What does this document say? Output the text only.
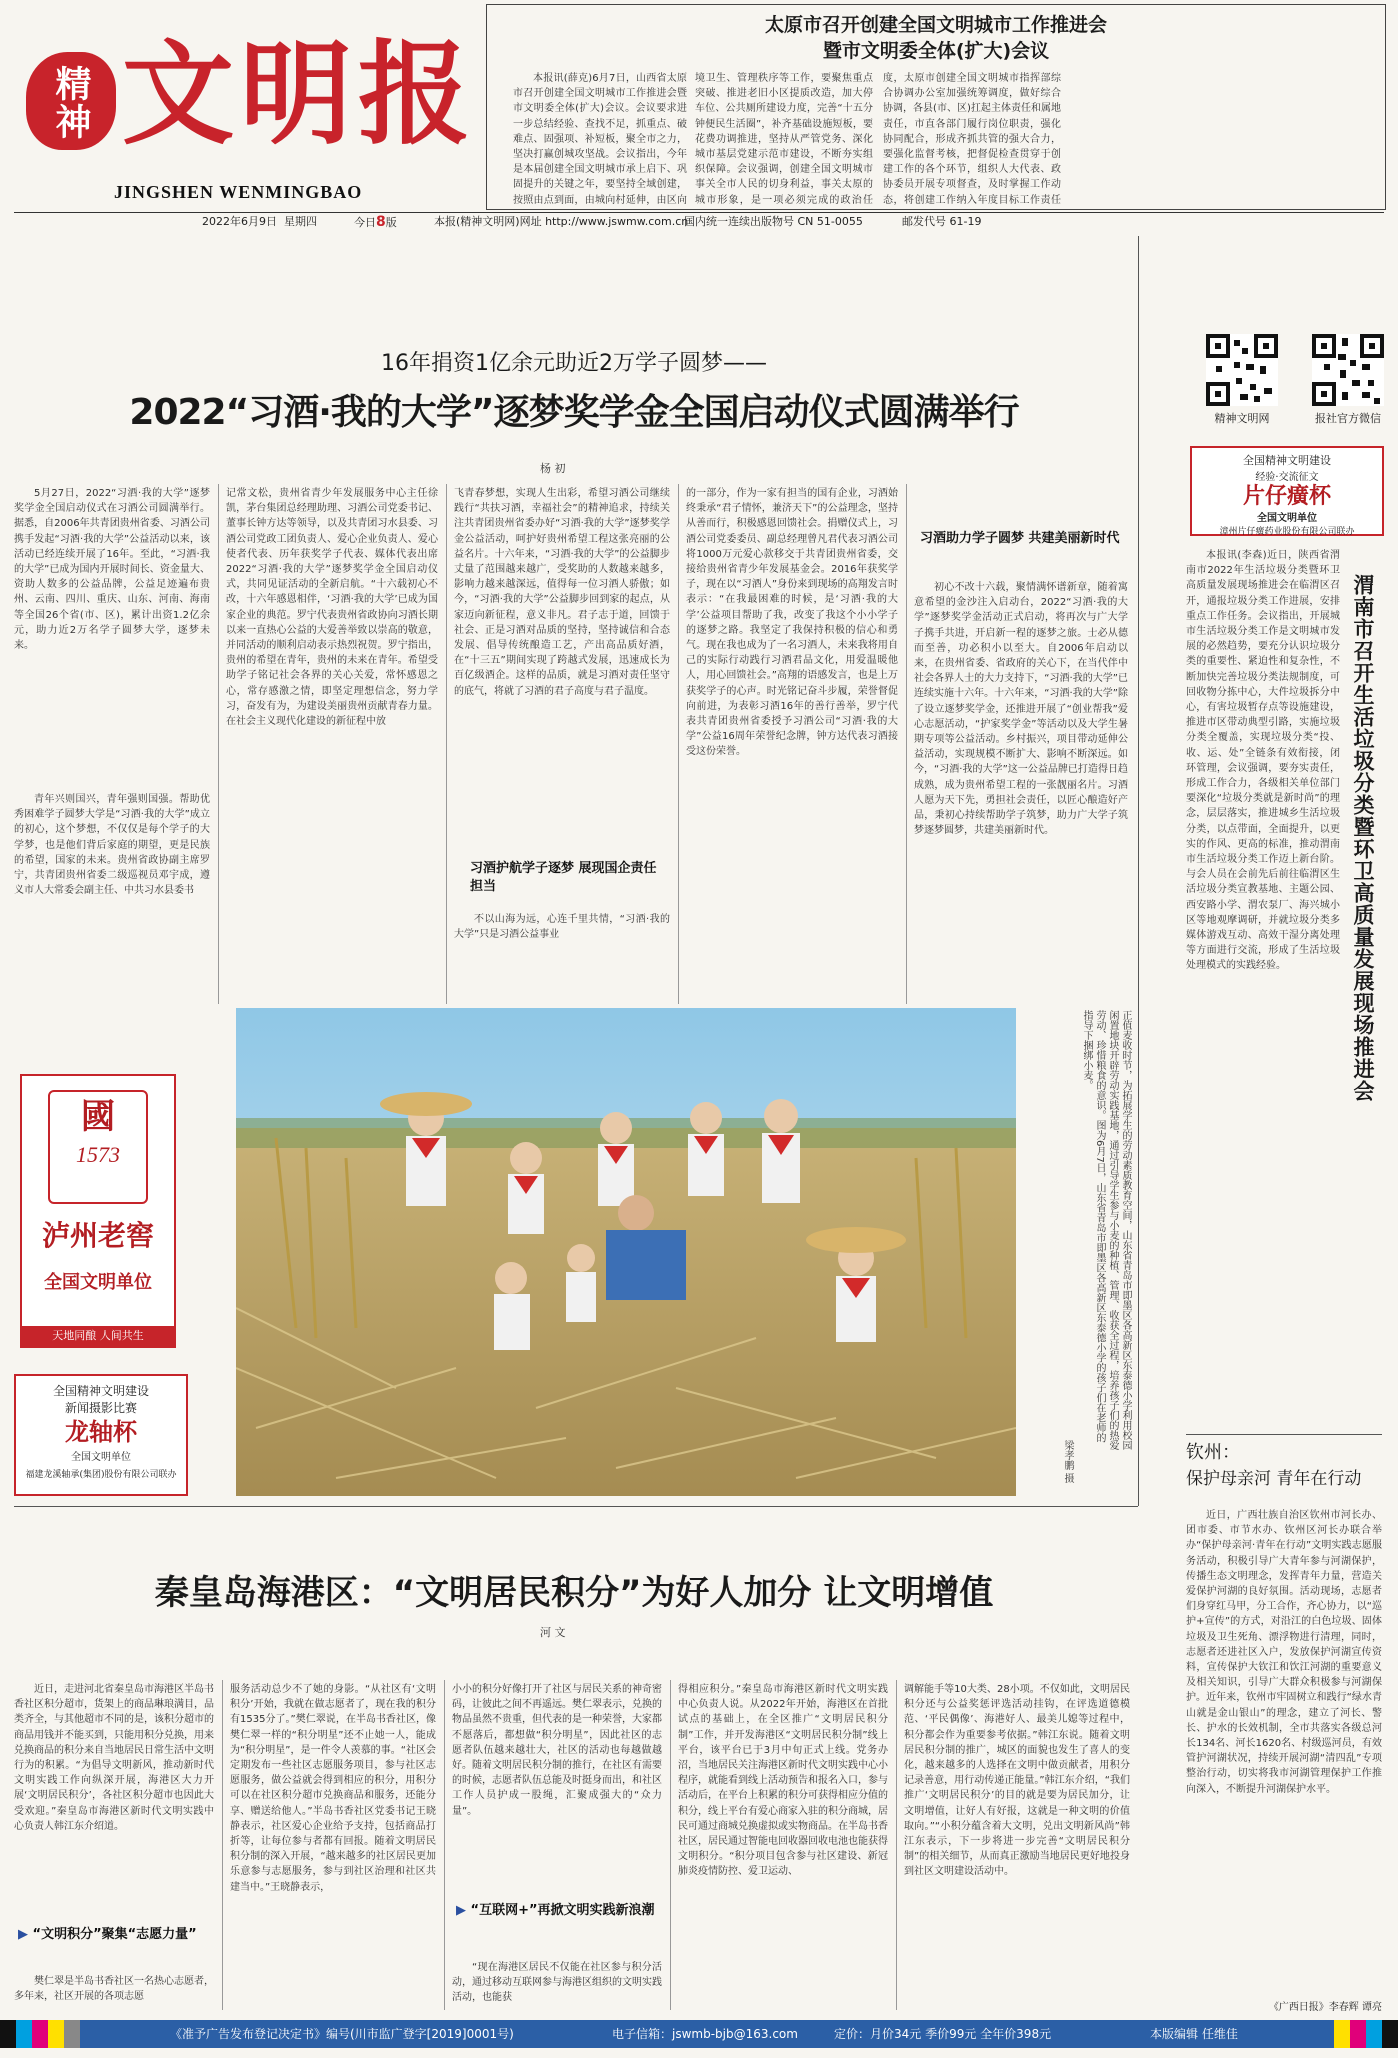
精神 文明报
JINGSHEN WENMINGBAO
太原市召开创建全国文明城市工作推进会
暨市文明委全体(扩大)会议
本报讯(薛克)6月7日，山西省太原市召开创建全国文明城市工作推进会暨市文明委全体(扩大)会议。会议要求进一步总结经验、查找不足，抓重点、破难点、固强项、补短板，聚全市之力，坚决打赢创城攻坚战。会议指出，今年是本届创建全国文明城市承上启下、巩固提升的关键之年，要坚持全域创建，按照由点到面，由城向村延伸，由区向
境卫生、管理秩序等工作，要聚焦重点突破、推进老旧小区提质改造，加大停车位、公共厕所建设力度，完善“十五分钟便民生活圈”，补齐基础设施短板，要花费功调推进，坚持从严管党务、深化城市基层党建示范市建设，不断夯实组织保障。会议强调，创建全国文明城市事关全市人民的切身利益，事关太原的城市形象，是一项必须完成的政治任
度，太原市创建全国文明城市指挥部综合协调办公室加强统筹调度，做好综合协调，各县(市、区)扛起主体责任和属地责任，市直各部门履行岗位职责，强化协同配合，形成齐抓共管的强大合力，要强化监督考核，把督促检查贯穿于创建工作的各个环节，组织人大代表、政协委员开展专项督查，及时掌握工作动态，将创建工作纳入年度目标工作责任
2022年6月9日 星期四	今日8版	本报(精神文明网)网址 http://www.jswmw.com.cn
国内统一连续出版物号 CN 51-0055	邮发代号 61-19
16年捐资1亿余元助近2万学子圆梦——
2022“习酒·我的大学”逐梦奖学金全国启动仪式圆满举行
杨 初
5月27日，2022“习酒·我的大学”逐梦奖学金全国启动仪式在习酒公司圆满举行。据悉，自2006年共青团贵州省委、习酒公司携手发起“习酒·我的大学”公益活动以来，该活动已经连续开展了16年。至此，“习酒·我的大学”已成为国内开展时间长、资金量大、资助人数多的公益品牌，公益足迹遍布贵州、云南、四川、重庆、山东、河南、海南等全国26个省(市、区)，累计出资1.2亿余元，助力近2万名学子圆梦大学，逐梦未来。
青年兴则国兴，青年强则国强。帮助优秀困难学子圆梦大学是“习酒·我的大学”成立的初心，这个梦想，不仅仅是每个学子的大学梦，也是他们背后家庭的期望，更是民族的希望，国家的未来。贵州省政协副主席罗宁，共青团贵州省委二级巡视员邓宇成，遵义市人大常委会副主任、中共习水县委书
记常文松，贵州省青少年发展服务中心主任徐凯，茅台集团总经理助理、习酒公司党委书记、董事长钟方达等领导，以及共青团习水县委、习酒公司党政工团负责人、爱心企业负责人、爱心使者代表、历年获奖学子代表、媒体代表出席2022“习酒·我的大学”逐梦奖学金全国启动仪式，共同见证活动的全新启航。“十六载初心不改，十六年感恩相伴，‘习酒·我的大学’已成为国家企业的典范。罗宁代表贵州省政协向习酒长期以来一直热心公益的大爱善举致以崇高的敬意，并同活动的顺利启动表示热烈祝贺。罗宁指出，贵州的希望在青年，贵州的未来在青年。希望受助学子铭记社会各界的关心关爱，常怀感恩之心，常存感激之情，即坚定理想信念，努力学习，奋发有为，为建设美丽贵州贡献青春力量。在社会主义现代化建设的新征程中放
飞青春梦想，实现人生出彩，希望习酒公司继续践行“共扶习酒，幸福社会”的精神追求，持续关注共青团贵州省委办好“习酒·我的大学”逐梦奖学金公益活动，呵护好贵州希望工程这张亮丽的公益名片。十六年来，“习酒·我的大学”的公益脚步丈量了范围越来越广，受奖助的人数越来越多，影响力越来越深远，值得每一位习酒人骄傲；如今，“习酒·我的大学”公益脚步回到家的起点，从家迈向新征程，意义非凡。君子志于道，回馈于社会、正是习酒对品质的坚持，坚持诚信和合态发展、倡导传统酿造工艺，产出高品质好酒，在“十三五”期间实现了跨越式发展，迅速成长为百亿级酒企。这样的品质，就是习酒对责任坚守的底气，将就了习酒的君子高度与君子温度。
习酒护航学子逐梦 展现国企责任担当
不以山海为远，心连千里共情，“习酒·我的大学”只是习酒公益事业
的一部分，作为一家有担当的国有企业，习酒始终秉承“君子情怀，兼济天下”的公益理念，坚持从善而行，积极感恩回馈社会。捐赠仪式上，习酒公司党委委员、副总经理曾凡君代表习酒公司将1000万元爱心款移交于共青团贵州省委，交接给贵州省青少年发展基金会。2016年获奖学子，现在以“习酒人”身份来到现场的高翔发言时表示：“在我最困难的时候，是‘习酒·我的大学’公益项目帮助了我，改变了我这个小小学子的逐梦之路。我坚定了我保持积极的信心和勇气。现在我也成为了一名习酒人，未来我将用自己的实际行动践行习酒君品文化，用爱温暖他人，用心回馈社会。”高翔的语感发言，也是上万获奖学子的心声。时光铭记奋斗步履，荣誉督促向前进，为表彰习酒16年的善行善举，罗宁代表共青团贵州省委授予习酒公司“习酒·我的大学”公益16周年荣誉纪念牌，钟方达代表习酒接受这份荣誉。
习酒助力学子圆梦 共建美丽新时代
初心不改十六载，聚情满怀谱新章，随着寓意希望的金沙注入启动台，2022“习酒·我的大学”逐梦奖学金活动正式启动，将再次与广大学子携手共进，开启新一程的逐梦之旅。士必从德而至善，功必积小以至大。自2006年启动以来，在贵州省委、省政府的关心下，在当代伴中社会各界人士的大力支持下，“习酒·我的大学”已连续实施十六年。十六年来，“习酒·我的大学”除了设立逐梦奖学金，还推进开展了“创业帮我”爱心志愿活动，“护家奖学金”等活动以及大学生暑期专项等公益活动。乡村振兴，项目带动延伸公益活动，实现规模不断扩大、影响不断深远。如今，“习酒·我的大学”这一公益品牌已打造得日趋成熟，成为贵州希望工程的一张靓丽名片。习酒人愿为天下先，勇担社会责任，以匠心酿造好产品，秉初心持续帮助学子筑梦，助力广大学子筑梦逐梦圆梦，共建美丽新时代。
正值麦收时节，为拓展学生的劳动素质教育空间，山东省青岛市即墨区各高新区东泰德小学利用校园闲置地块开辟劳动实践基地，通过引导学生参与小麦的种植、管理、收获全过程，培养孩子们的热爱劳动、珍惜粮食的意识。图为6月7日，山东省青岛市即墨区各高新区东泰德小学的孩子们在老师的指导下捆绑小麦。
梁孝鹏 摄
國
1573
泸州老窖
全国文明单位
天地同酿 人间共生
全国精神文明建设
新闻摄影比赛
龙轴杯
全国文明单位
福建龙溪轴承(集团)股份有限公司联办
精神文明网	报社官方微信
全国精神文明建设
经验·交流征文
片仔癀杯
全国文明单位
漳州片仔癀药业股份有限公司联办
本报讯(李森)近日，陕西省渭南市2022年生活垃圾分类暨环卫高质量发展现场推进会在临渭区召开，通报垃圾分类工作进展，安排重点工作任务。会议指出，开展城市生活垃圾分类工作是文明城市发展的必然趋势，要充分认识垃圾分类的重要性、紧迫性和复杂性，不断加快完善垃圾分类法规制度，可回收物分拣中心，大件垃圾拆分中心，有害垃圾暂存点等设施建设，推进市区带动典型引路，实施垃圾分类全覆盖，实现垃圾分类“投、收、运、处”全链条有效衔接，闭环管理，会议强调，要夯实责任，形成工作合力，各级相关单位部门要深化“垃圾分类就是新时尚”的理念，层层落实，推进城乡生活垃圾分类，以点带面，全面提升，以更实的作风、更高的标准，推动渭南市生活垃圾分类工作迈上新台阶。与会人员在会前先后前往临渭区生活垃圾分类宣教基地、主题公园、西安路小学、渭农泵厂、海兴城小区等地观摩调研，并就垃圾分类多媒体游戏互动、高效干湿分离处理等方面进行交流，形成了生活垃圾处理模式的实践经验。	渭南市召开生活垃圾分类暨环卫高质量发展现场推进会
钦州：
保护母亲河 青年在行动
近日，广西壮族自治区钦州市河长办、团市委、市节水办、钦州区河长办联合举办“保护母亲河·青年在行动”文明实践志愿服务活动，积极引导广大青年参与河湖保护，传播生态文明理念，发挥青年力量，营造关爱保护河湖的良好氛围。活动现场，志愿者们身穿红马甲，分工合作，齐心协力，以“巡护+宣传”的方式，对沿江的白色垃圾、固体垃圾及卫生死角、漂浮物进行清理，同时，志愿者还进社区入户，发放保护河湖宣传资料，宣传保护大钦江和饮江河湖的重要意义及相关知识，引导广大群众积极参与河湖保护。近年来，钦州市牢固树立和践行“绿水青山就是金山银山”的理念，建立了河长、警长、护水的长效机制，全市共落实各级总河长134名、河长1620名、村级巡河员，有效管护河湖状况，持续开展河湖“清四乱”专项整治行动，切实将我市河湖管理保护工作推向深入，不断提升河湖保护水平。
《广西日报》李春辉 谭亮
秦皇岛海港区：“文明居民积分”为好人加分 让文明增值
河 文
近日，走进河北省秦皇岛市海港区半岛书香社区积分超市，货架上的商品琳琅满目，品类齐全，与其他超市不同的是，该积分超市的商品用钱并不能买到，只能用积分兑换，用来兑换商品的积分来自当地居民日常生活中文明行为的积累。“为倡导文明新风，推动新时代文明实践工作向纵深开展，海港区大力开展‘文明居民积分’，各社区积分超市也因此大受欢迎。”秦皇岛市海港区新时代文明实践中心负责人韩江东介绍道。
▶ “文明积分”聚集“志愿力量”
樊仁翠是半岛书香社区一名热心志愿者，多年来，社区开展的各项志愿
服务活动总少不了她的身影。“从社区有‘文明积分’开始，我就在做志愿者了，现在我的积分有1535分了。”樊仁翠说，在半岛书香社区，像樊仁翠一样的“积分明星”还不止她一人，能成为“积分明星”，是一件令人羡慕的事。“社区会定期发布一些社区志愿服务项目，参与社区志愿服务，做公益就会得到相应的积分，用积分可以在社区积分超市兑换商品和服务，还能分享、赠送给他人。”半岛书香社区党委书记王晓静表示，社区爱心企业给予支持，包括商品打折等，让每位参与者都有回报。随着文明居民积分制的深入开展，“越来越多的社区居民更加乐意参与志愿服务，参与到社区治理和社区共建当中。”王晓静表示，
小小的积分好像打开了社区与居民关系的神奇密码，让彼此之间不再遥远。樊仁翠表示，兑换的物品虽然不贵重，但代表的是一种荣誉，大家都不愿落后，都想做“积分明星”，因此社区的志愿者队伍越来越壮大，社区的活动也每越做越好。随着文明居民积分制的推行，在社区有需要的时候，志愿者队伍总能及时挺身而出，和社区工作人员护成一股绳，汇聚成强大的“众力量”。
▶ “互联网+”再掀文明实践新浪潮
“现在海港区居民不仅能在社区参与积分活动，通过移动互联网参与海港区组织的文明实践活动，也能获
得相应积分。”秦皇岛市海港区新时代文明实践中心负责人说。从2022年开始，海港区在首批试点的基础上，在全区推广“文明居民积分制”工作，并开发海港区“文明居民积分制”线上平台，该平台已于3月中旬正式上线。党务办沼，当地居民关注海港区新时代文明实践中心小程序，就能看到线上活动预告和报名入口，参与活动后，在平台上积累的积分可获得相应分值的积分，线上平台有爱心商家入驻的积分商城，居民可通过商城兑换虚拟或实物商品。在半岛书香社区，居民通过智能电回收器回收电池也能获得文明积分。“积分项目包含参与社区建设、新冠肺炎疫情防控、爱卫运动、
调解能手等10大类、28小项。不仅如此，文明居民积分还与公益奖惩评选活动挂钩，在评选道德模范、‘平民偶像’、海港好人、最美儿媳等过程中，积分都会作为重要参考依据。”韩江东说。随着文明居民积分制的推广，城区的面貌也发生了喜人的变化，越来越多的人选择在文明中做贡献者，用积分记录善意，用行动传递正能量。”韩江东介绍，“我们推广‘文明居民积分’的目的就是要为居民加分，让文明增值，让好人有好报，这就是一种文明的价值取向。”“小积分蕴含着大文明，兑出文明新风尚”韩江东表示，下一步将进一步完善“文明居民积分制”的相关细节，从而真正激励当地居民更好地投身到社区文明建设活动中。
《准予广告发布登记决定书》编号(川市监广登字[2019]0001号)	电子信箱：jswmb-bjb@163.com	定价：月价34元 季价99元 全年价398元	本版编辑 任维佳
